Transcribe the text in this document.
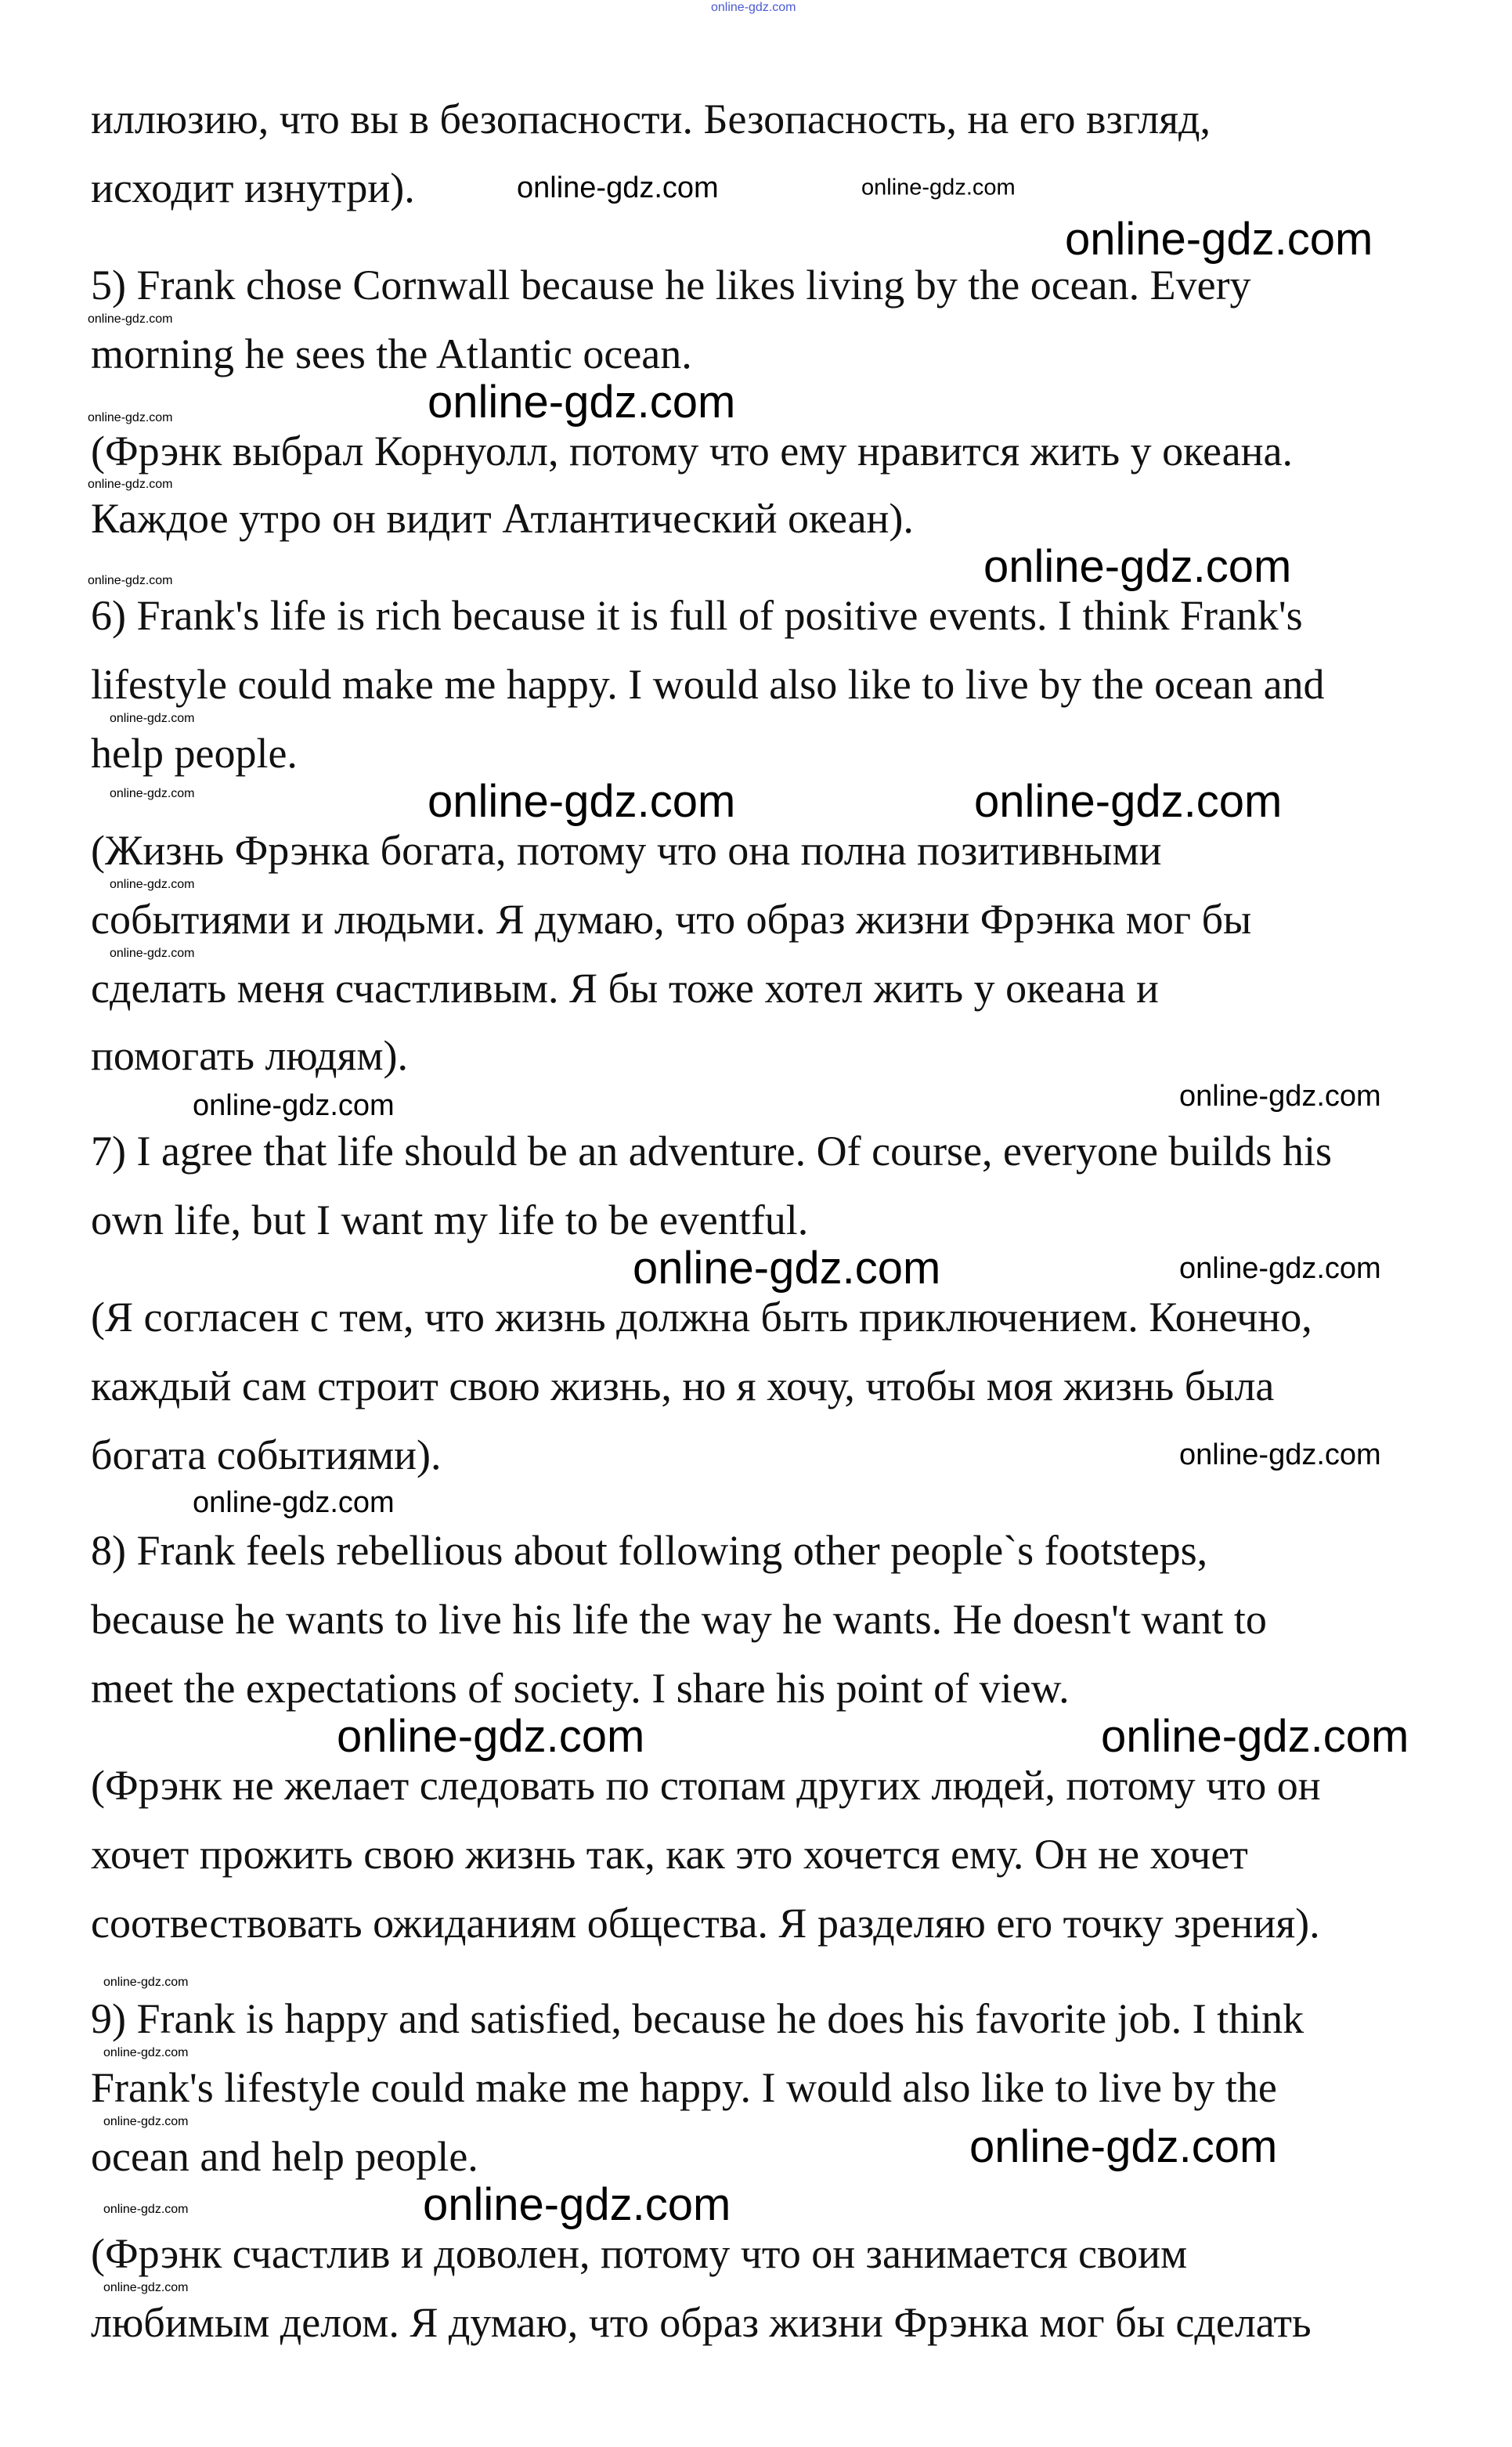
online-gdz.com
иллюзию, что вы в безопасности. Безопасность, на его взгляд,
исходит изнутри).
5) Frank chose Cornwall because he likes living by the ocean. Every
morning he sees the Atlantic ocean.
(Фрэнк выбрал Корнуолл, потому что ему нравится жить у океана.
Каждое утро он видит Атлантический океан).
6) Frank's life is rich because it is full of positive events. I think Frank's
lifestyle could make me happy. I would also like to live by the ocean and
help people.
(Жизнь Фрэнка богата, потому что она полна позитивными
событиями и людьми. Я думаю, что образ жизни Фрэнка мог бы
сделать меня счастливым. Я бы тоже хотел жить у океана и
помогать людям).
7) I agree that life should be an adventure. Of course, everyone builds his
own life, but I want my life to be eventful.
(Я согласен с тем, что жизнь должна быть приключением. Конечно,
каждый сам строит свою жизнь, но я хочу, чтобы моя жизнь была
богата событиями).
8) Frank feels rebellious about following other people`s footsteps,
because he wants to live his life the way he wants. He doesn't want to
meet the expectations of society. I share his point of view.
(Фрэнк не желает следовать по стопам других людей, потому что он
хочет прожить свою жизнь так, как это хочется ему. Он не хочет
соотвествовать ожиданиям общества. Я разделяю его точку зрения).
9) Frank is happy and satisfied, because he does his favorite job. I think
Frank's lifestyle could make me happy. I would also like to live by the
ocean and help people.
(Фрэнк счастлив и доволен, потому что он занимается своим
любимым делом. Я думаю, что образ жизни Фрэнка мог бы сделать
online-gdz.com
online-gdz.com
online-gdz.com
online-gdz.com	online-gdz.com
online-gdz.com
online-gdz.com	online-gdz.com
online-gdz.com
online-gdz.com
online-gdz.com
online-gdz.com
online-gdz.com
online-gdz.com
online-gdz.com
online-gdz.com
online-gdz.com
online-gdz.com
online-gdz.com
online-gdz.com
online-gdz.com
online-gdz.com
online-gdz.com
online-gdz.com
online-gdz.com
online-gdz.com
online-gdz.com
online-gdz.com
online-gdz.com
online-gdz.com
